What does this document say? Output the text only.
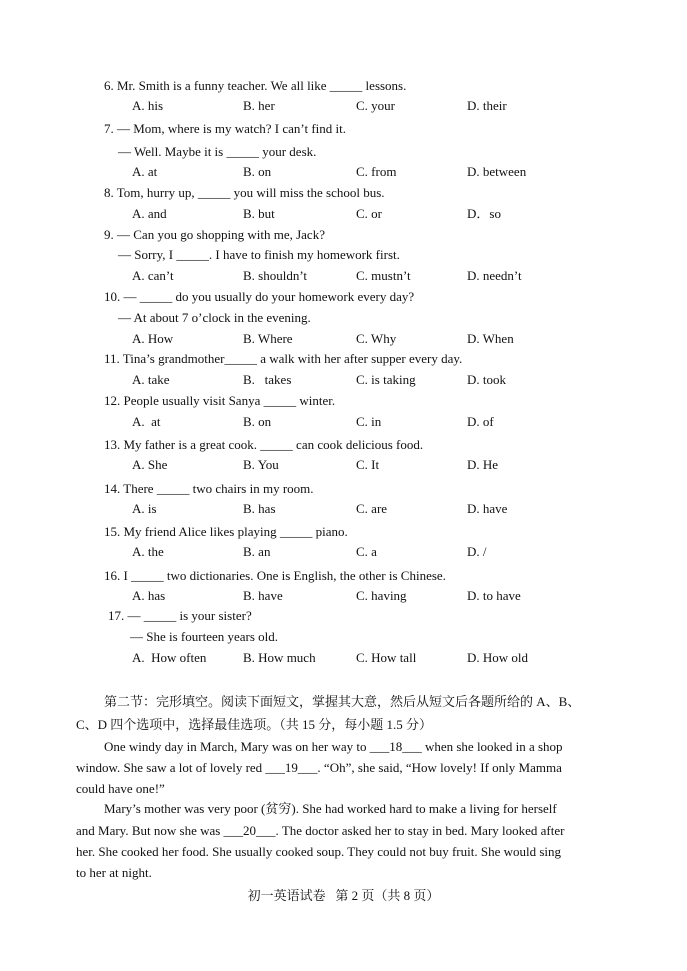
6. Mr. Smith is a funny teacher. We all like _____ lessons.
A. his	B. her	C. your	D. their
7. — Mom, where is my watch? I can’t find it.
— Well. Maybe it is _____ your desk.
A. at	B. on	C. from	D. between
8. Tom, hurry up, _____ you will miss the school bus.
A. and	B. but	C. or	D．so
9. — Can you go shopping with me, Jack?
— Sorry, I _____. I have to finish my homework first.
A. can’t	B. shouldn’t	C. mustn’t	D. needn’t
10. — _____ do you usually do your homework every day?
— At about 7 o’clock in the evening.
A. How	B. Where	C. Why	D. When
11. Tina’s grandmother_____ a walk with her after supper every day.
A. take	B.   takes	C. is taking	D. took
12. People usually visit Sanya _____ winter.
A.  at	B. on	C. in	D. of
13. My father is a great cook. _____ can cook delicious food.
A. She	B. You	C. It	D. He
14. There _____ two chairs in my room.
A. is	B. has	C. are	D. have
15. My friend Alice likes playing _____ piano.
A. the	B. an	C. a	D. /
16. I _____ two dictionaries. One is English, the other is Chinese.
A. has	B. have	C. having	D. to have
17. — _____ is your sister?
— She is fourteen years old.
A.  How often	B. How much	C. How tall	D. How old
第二节：完形填空。阅读下面短文，掌握其大意，然后从短文后各题所给的 A、B、
C、D 四个选项中，选择最佳选项。（共 15 分，每小题 1.5 分）
One windy day in March, Mary was on her way to ___18___ when she looked in a shop
window. She saw a lot of lovely red ___19___. “Oh”, she said, “How lovely! If only Mamma
could have one!”
Mary’s mother was very poor (贫穷). She had worked hard to make a living for herself
and Mary. But now she was ___20___. The doctor asked her to stay in bed. Mary looked after
her. She cooked her food. She usually cooked soup. They could not buy fruit. She would sing
to her at night.
初一英语试卷   第 2 页（共 8 页）
